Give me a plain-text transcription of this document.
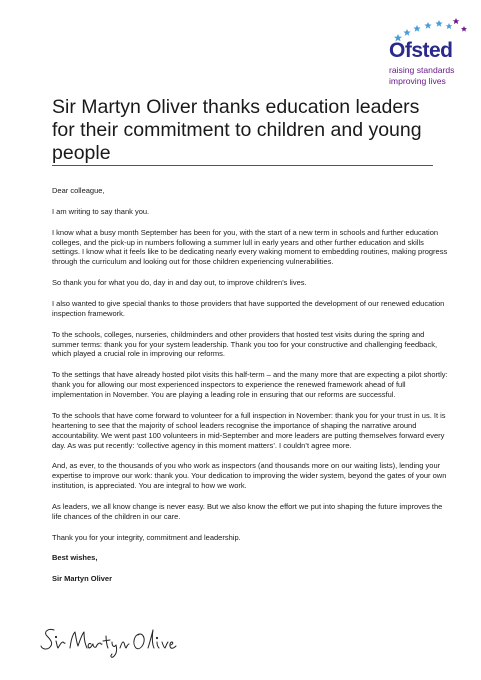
Ofsted
raising standards
improving lives
Sir Martyn Oliver thanks education leaders for their commitment to children and young people

Dear colleague,

I am writing to say thank you.

I know what a busy month September has been for you, with the start of a new term in schools and further education colleges, and the pick-up in numbers following a summer lull in early years and other further education and skills settings. I know what it feels like to be dedicating nearly every waking moment to embedding routines, making progress through the curriculum and looking out for those children experiencing vulnerabilities.

So thank you for what you do, day in and day out, to improve children’s lives.

I also wanted to give special thanks to those providers that have supported the development of our renewed education inspection framework.

To the schools, colleges, nurseries, childminders and other providers that hosted test visits during the spring and summer terms: thank you for your system leadership. Thank you too for your constructive and challenging feedback, which played a crucial role in improving our reforms.

To the settings that have already hosted pilot visits this half-term – and the many more that are expecting a pilot shortly: thank you for allowing our most experienced inspectors to experience the renewed framework ahead of full implementation in November. You are playing a leading role in ensuring that our reforms are successful.

To the schools that have come forward to volunteer for a full inspection in November: thank you for your trust in us. It is heartening to see that the majority of school leaders recognise the importance of shaping the narrative around accountability. We went past 100 volunteers in mid-September and more leaders are putting themselves forward every day. As was put recently: ‘collective agency in this moment matters’. I couldn’t agree more.

And, as ever, to the thousands of you who work as inspectors (and thousands more on our waiting lists), lending your expertise to improve our work: thank you. Your dedication to improving the wider system, beyond the gates of your own institution, is appreciated. You are integral to how we work.

As leaders, we all know change is never easy. But we also know the effort we put into shaping the future improves the life chances of the children in our care.

Thank you for your integrity, commitment and leadership.

Best wishes,

Sir Martyn Oliver
